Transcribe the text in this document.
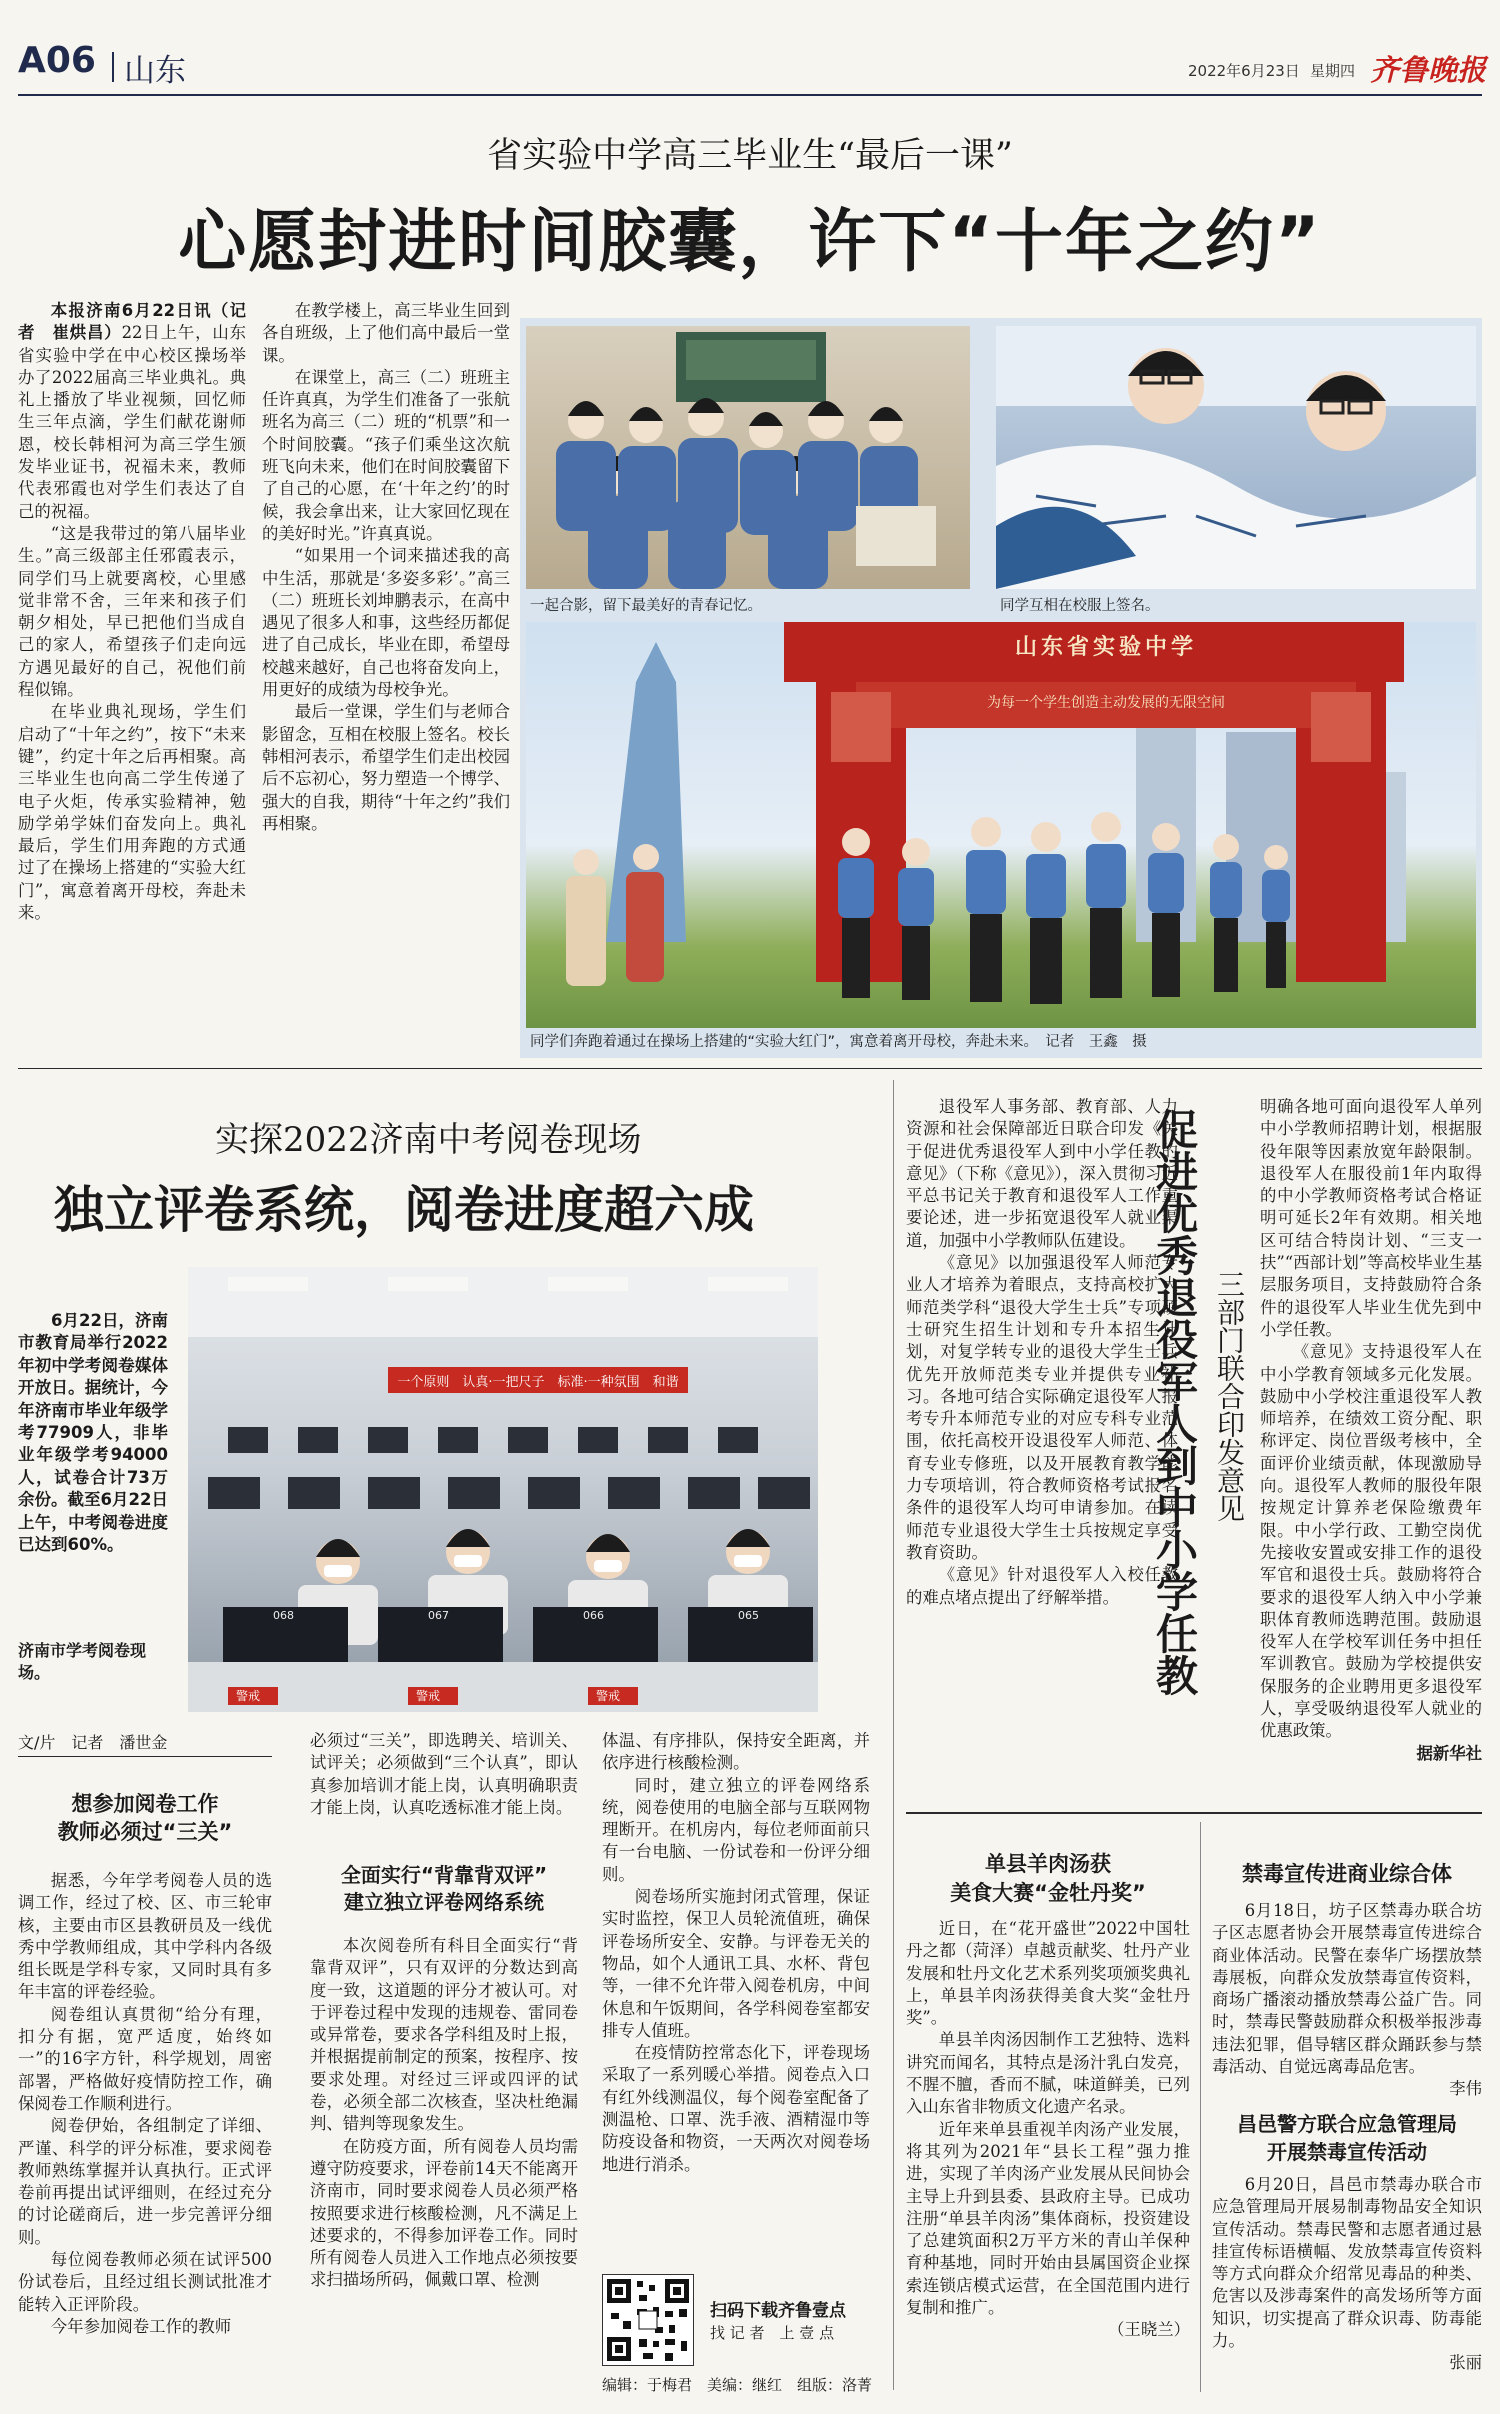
A06 山东	2022年6月23日 星期四 齐鲁晚报
省实验中学高三毕业生“最后一课”
心愿封进时间胶囊，许下“十年之约”

本报济南6月22日讯（记者　崔烘昌）22日上午，山东省实验中学在中心校区操场举办了2022届高三毕业典礼。典礼上播放了毕业视频，回忆师生三年点滴，学生们献花谢师恩，校长韩相河为高三学生颁发毕业证书，祝福未来，教师代表邪霞也对学生们表达了自己的祝福。

“这是我带过的第八届毕业生。”高三级部主任邪霞表示，同学们马上就要离校，心里感觉非常不舍，三年来和孩子们朝夕相处，早已把他们当成自己的家人，希望孩子们走向远方遇见最好的自己，祝他们前程似锦。

在毕业典礼现场，学生们启动了“十年之约”，按下“未来键”，约定十年之后再相聚。高三毕业生也向高二学生传递了电子火炬，传承实验精神，勉励学弟学妹们奋发向上。典礼最后，学生们用奔跑的方式通过了在操场上搭建的“实验大红门”，寓意着离开母校，奔赴未来。

在教学楼上，高三毕业生回到各自班级，上了他们高中最后一堂课。

在课堂上，高三（二）班班主任许真真，为学生们准备了一张航班名为高三（二）班的“机票”和一个时间胶囊。“孩子们乘坐这次航班飞向未来，他们在时间胶囊留下了自己的心愿，在‘十年之约’的时候，我会拿出来，让大家回忆现在的美好时光。”许真真说。

“如果用一个词来描述我的高中生活，那就是‘多姿多彩’。”高三（二）班班长刘坤鹏表示，在高中遇见了很多人和事，这些经历都促进了自己成长，毕业在即，希望母校越来越好，自己也将奋发向上，用更好的成绩为母校争光。

最后一堂课，学生们与老师合影留念，互相在校服上签名。校长韩相河表示，希望学生们走出校园后不忘初心，努力塑造一个博学、强大的自我，期待“十年之约”我们再相聚。

一起合影，留下最美好的青春记忆。	同学互相在校服上签名。
山东省实验中学
为每一个学生创造主动发展的无限空间
同学们奔跑着通过在操场上搭建的“实验大红门”，寓意着离开母校，奔赴未来。　记者　王鑫　摄
实探2022济南中考阅卷现场
独立评卷系统，阅卷进度超六成
6月22日，济南市教育局举行2022年初中学考阅卷媒体开放日。据统计，今年济南市毕业年级学考77909人，非毕业年级学考94000人，试卷合计73万余份。截至6月22日上午，中考阅卷进度已达到60%。
济南市学考阅卷现场。
一个原则　认真·一把尺子　标准·一种氛围　和谐
068	067	066	065
警戒	警戒	警戒
文/片　记者　潘世金
想参加阅卷工作
教师必须过“三关”

据悉，今年学考阅卷人员的选调工作，经过了校、区、市三轮审核，主要由市区县教研员及一线优秀中学教师组成，其中学科内各级组长既是学科专家，又同时具有多年丰富的评卷经验。

阅卷组认真贯彻“给分有理，扣分有据，宽严适度，始终如一”的16字方针，科学规划，周密部署，严格做好疫情防控工作，确保阅卷工作顺利进行。

阅卷伊始，各组制定了详细、严谨、科学的评分标准，要求阅卷教师熟练掌握并认真执行。正式评卷前再提出试评细则，在经过充分的讨论磋商后，进一步完善评分细则。

每位阅卷教师必须在试评500份试卷后，且经过组长测试批准才能转入正评阶段。

今年参加阅卷工作的教师

必须过“三关”，即选聘关、培训关、试评关；必须做到“三个认真”，即认真参加培训才能上岗，认真明确职责才能上岗，认真吃透标准才能上岗。

全面实行“背靠背双评”
建立独立评卷网络系统

本次阅卷所有科目全面实行“背靠背双评”，只有双评的分数达到高度一致，这道题的评分才被认可。对于评卷过程中发现的违规卷、雷同卷或异常卷，要求各学科组及时上报，并根据提前制定的预案，按程序、按要求处理。对经过三评或四评的试卷，必须全部二次核查，坚决杜绝漏判、错判等现象发生。

在防疫方面，所有阅卷人员均需遵守防疫要求，评卷前14天不能离开济南市，同时要求阅卷人员必须严格按照要求进行核酸检测，凡不满足上述要求的，不得参加评卷工作。同时所有阅卷人员进入工作地点必须按要求扫描场所码，佩戴口罩、检测

体温、有序排队，保持安全距离，并依序进行核酸检测。

同时，建立独立的评卷网络系统，阅卷使用的电脑全部与互联网物理断开。在机房内，每位老师面前只有一台电脑、一份试卷和一份评分细则。

阅卷场所实施封闭式管理，保证实时监控，保卫人员轮流值班，确保评卷场所安全、安静。与评卷无关的物品，如个人通讯工具、水杯、背包等，一律不允许带入阅卷机房，中间休息和午饭期间，各学科阅卷室都安排专人值班。

在疫情防控常态化下，评卷现场采取了一系列暖心举措。阅卷点入口有红外线测温仪，每个阅卷室配备了测温枪、口罩、洗手液、酒精湿巾等防疫设备和物资，一天两次对阅卷场地进行消杀。

扫码下载齐鲁壹点
找 记 者　上 壹 点
编辑：于梅君　美编：继红　组版：洛菁

退役军人事务部、教育部、人力资源和社会保障部近日联合印发《关于促进优秀退役军人到中小学任教的意见》（下称《意见》），深入贯彻习近平总书记关于教育和退役军人工作重要论述，进一步拓宽退役军人就业渠道，加强中小学教师队伍建设。

《意见》以加强退役军人师范专业人才培养为着眼点，支持高校扩大师范类学科“退役大学生士兵”专项硕士研究生招生计划和专升本招生计划，对复学转专业的退役大学生士兵优先开放师范类专业并提供专业补习。各地可结合实际确定退役军人报考专升本师范专业的对应专科专业范围，依托高校开设退役军人师范、体育专业专修班，以及开展教育教学能力专项培训，符合教师资格考试报名条件的退役军人均可申请参加。在读师范专业退役大学生士兵按规定享受教育资助。

《意见》针对退役军人入校任教的难点堵点提出了纾解举措。

三部门联合印发意见
促进优秀退役军人到中小学任教

明确各地可面向退役军人单列中小学教师招聘计划，根据服役年限等因素放宽年龄限制。退役军人在服役前1年内取得的中小学教师资格考试合格证明可延长2年有效期。相关地区可结合特岗计划、“三支一扶”“西部计划”等高校毕业生基层服务项目，支持鼓励符合条件的退役军人毕业生优先到中小学任教。

《意见》支持退役军人在中小学教育领域多元化发展。鼓励中小学校注重退役军人教师培养，在绩效工资分配、职称评定、岗位晋级考核中，全面评价业绩贡献，体现激励导向。退役军人教师的服役年限按规定计算养老保险缴费年限。中小学行政、工勤空岗优先接收安置或安排工作的退役军官和退役士兵。鼓励将符合要求的退役军人纳入中小学兼职体育教师选聘范围。鼓励退役军人在学校军训任务中担任军训教官。鼓励为学校提供安保服务的企业聘用更多退役军人，享受吸纳退役军人就业的优惠政策。

据新华社

单县羊肉汤获
美食大赛“金牡丹奖”

近日，在“花开盛世”2022中国牡丹之都（菏泽）卓越贡献奖、牡丹产业发展和牡丹文化艺术系列奖项颁奖典礼上，单县羊肉汤获得美食大奖“金牡丹奖”。

单县羊肉汤因制作工艺独特、选料讲究而闻名，其特点是汤汁乳白发亮，不腥不膻，香而不腻，味道鲜美，已列入山东省非物质文化遗产名录。

近年来单县重视羊肉汤产业发展，将其列为2021年“县长工程”强力推进，实现了羊肉汤产业发展从民间协会主导上升到县委、县政府主导。已成功注册“单县羊肉汤”集体商标，投资建设了总建筑面积2万平方米的青山羊保种育种基地，同时开始由县属国资企业探索连锁店模式运营，在全国范围内进行复制和推广。

（王晓兰）

禁毒宣传进商业综合体

6月18日，坊子区禁毒办联合坊子区志愿者协会开展禁毒宣传进综合商业体活动。民警在泰华广场摆放禁毒展板，向群众发放禁毒宣传资料，商场广播滚动播放禁毒公益广告。同时，禁毒民警鼓励群众积极举报涉毒违法犯罪，倡导辖区群众踊跃参与禁毒活动、自觉远离毒品危害。

李伟

昌邑警方联合应急管理局
开展禁毒宣传活动

6月20日，昌邑市禁毒办联合市应急管理局开展易制毒物品安全知识宣传活动。禁毒民警和志愿者通过悬挂宣传标语横幅、发放禁毒宣传资料等方式向群众介绍常见毒品的种类、危害以及涉毒案件的高发场所等方面知识，切实提高了群众识毒、防毒能力。

张丽
